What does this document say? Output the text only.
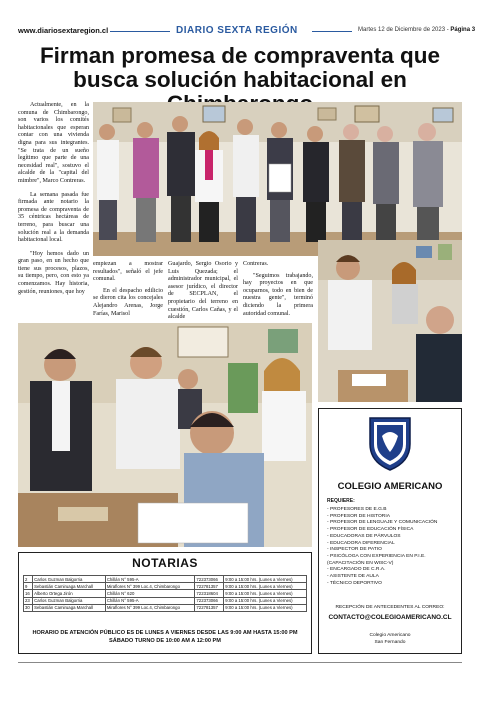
www.diariosextaregion.cl	DIARIO SEXTA REGIÓN	Martes 12 de Diciembre de 2023 - Página 3
Firman promesa de compraventa que busca solución habitacional en

Actualmente, en la comuna de Chimbarongo, son varios los comités habitacionales que esperan contar con una vivienda digna para sus integrantes. "Se trata de un sueño legítimo que parte de una necesidad real", sostuvo el alcalde de la "capital del mimbre", Marco Contreras.

La semana pasada fue firmada ante notario la promesa de compraventa de 35 céntricas hectáreas de terreno, para buscar una solución real a la demanda habitacional local.

"Hoy hemos dado un gran paso, en un hecho que tiene sus procesos, plazos, su tiempo, pero, con esto ya comenzamos. Hay historia, gestión, reuniones, que hoy

empiezan a mostrar resultados", señaló el jefe comunal.

En el despacho edilicio se dieron cita los concejales Alejandro Arenas, Jorge Farías, Marisol

Guajardo, Sergio Osorio y Luis Quezada; el administrador municipal, el asesor jurídico, el director de SECPLAN, el propietario del terreno en cuestión, Carlos Cañas, y el alcalde

Contreras.

"Seguimos trabajando, hay proyectos en que ocuparnos, todo en bien de nuestra gente", terminó diciendo la primera autoridad comunal.

NOTARIAS
2	Carlos Guzman Balgorria	Chillán N° 595-A	722373066	9:00 a 15:00 hrs. (Lunes a Viernes)
9	Sebastián Camiruaga Marchall	Miraflores N° 399 Loc.4, Chimbarongo	722781357	9:00 a 15:00 hrs. (Lunes a Viernes)
16	Alberto Ortega Jirón	Chillán N° 620	722318604	9:00 a 15:00 hrs. (Lunes a Viernes)
23	Carlos Guzman Balgorria	Chillán N° 595-A	722373066	9:00 a 15:00 hrs. (Lunes a Viernes)
30	Sebastián Camiruaga Marchall	Miraflores N° 399 Loc.4, Chimbarongo	722781357	9:00 a 15:00 hrs. (Lunes a Viernes)
HORARIO DE ATENCIÓN PÚBLICO ES DE LUNES A VIERNES DESDE LAS 9:00 AM HASTA 15:00 PM
SÁBADO TURNO DE 10:00 AM A 12:00 PM
COLEGIO AMERICANO
REQUIERE:
- PROFESORES DE E.G.B
- PROFESOR DE HISTORIA
- PROFESOR DE LENGUAJE Y COMUNICACIÓN
- PROFESOR DE EDUCACIÓN FÍSICA
- EDUCADORAS DE PÁRVULOS
- EDUCADORA DIFERENCIAL
- INSPECTOR DE PATIO
- PSICÓLOGA CON EXPERIENCIA EN P.I.E. (CAPACITACIÓN EN WISC-V)
- ENCARGADO DE C.R.A.
- ASISTENTE DE AULA
- TÉCNICO DEPORTIVO
RECEPCIÓN DE ANTECEDENTES AL CORREO:
CONTACTO@COLEGIOAMERICANO.CL
Colegio Americano
San Fernando
